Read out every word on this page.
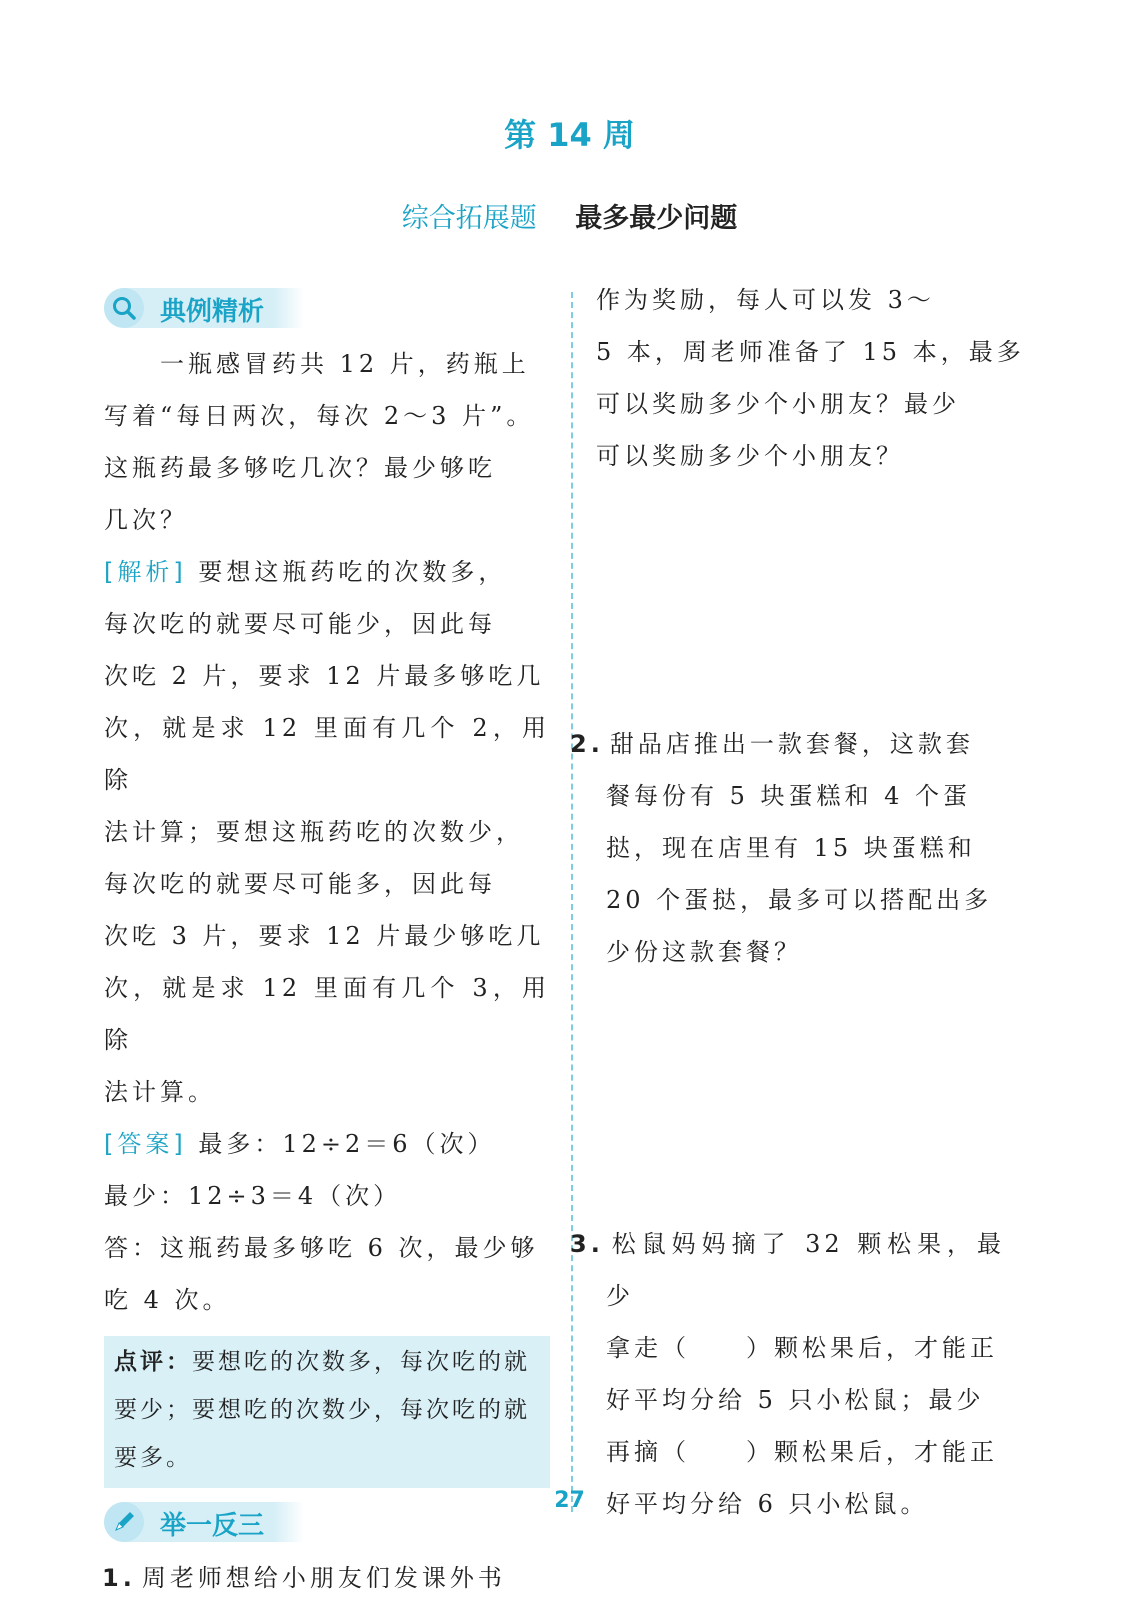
第 14 周
综合拓展题 最多最少问题
典例精析

一瓶感冒药共 12 片，药瓶上

写着“每日两次，每次 2～3 片”。
这瓶药最多够吃几次？最少够吃
几次？

[解析] 要想这瓶药吃的次数多，
每次吃的就要尽可能少，因此每
次吃 2 片，要求 12 片最多够吃几
次，就是求 12 里面有几个 2，用除
法计算；要想这瓶药吃的次数少，
每次吃的就要尽可能多，因此每
次吃 3 片，要求 12 片最少够吃几
次，就是求 12 里面有几个 3，用除
法计算。

[答案] 最多：12÷2＝6（次）
最少：12÷3＝4（次）
答：这瓶药最多够吃 6 次，最少够
吃 4 次。

点评：要想吃的次数多，每次吃的就
要少；要想吃的次数少，每次吃的就
要多。

举一反三

1. 周老师想给小朋友们发课外书

作为奖励，每人可以发 3～
5 本，周老师准备了 15 本，最多
可以奖励多少个小朋友？最少
可以奖励多少个小朋友？

2. 甜品店推出一款套餐，这款套
餐每份有 5 块蛋糕和 4 个蛋
挞，现在店里有 15 块蛋糕和
20 个蛋挞，最多可以搭配出多
少份这款套餐？

3. 松鼠妈妈摘了 32 颗松果，最少
拿走（　　）颗松果后，才能正
好平均分给 5 只小松鼠；最少
再摘（　　）颗松果后，才能正
好平均分给 6 只小松鼠。

27
